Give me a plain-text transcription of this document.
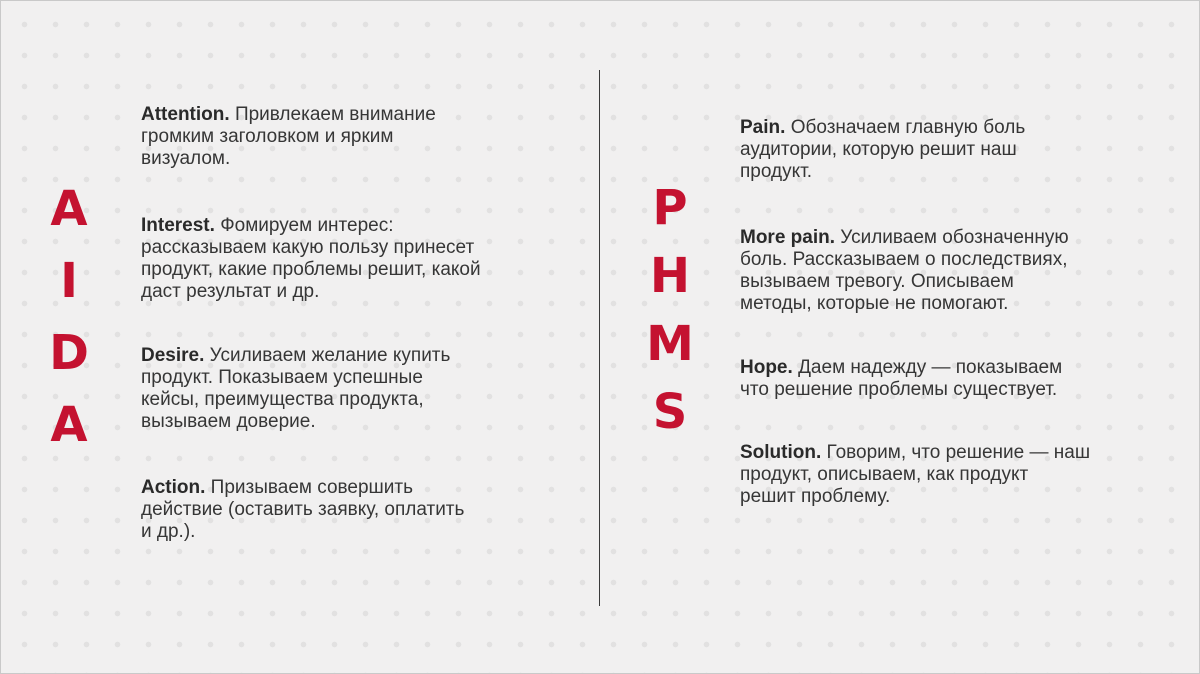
A
I
D
A
P
H
M
S

Attention. Привлекаем внимание
громким заголовком и ярким
визуалом.

Interest. Фомируем интерес:
рассказываем какую пользу принесет
продукт, какие проблемы решит, какой
даст результат и др.

Desire. Усиливаем желание купить
продукт. Показываем успешные
кейсы, преимущества продукта,
вызываем доверие.

Action. Призываем совершить
действие (оставить заявку, оплатить
и др.).

Pain. Обозначаем главную боль
аудитории, которую решит наш
продукт.

More pain. Усиливаем обозначенную
боль. Рассказываем о последствиях,
вызываем тревогу. Описываем
методы, которые не помогают.

Hope. Даем надежду — показываем
что решение проблемы существует.

Solution. Говорим, что решение — наш
продукт, описываем, как продукт
решит проблему.
